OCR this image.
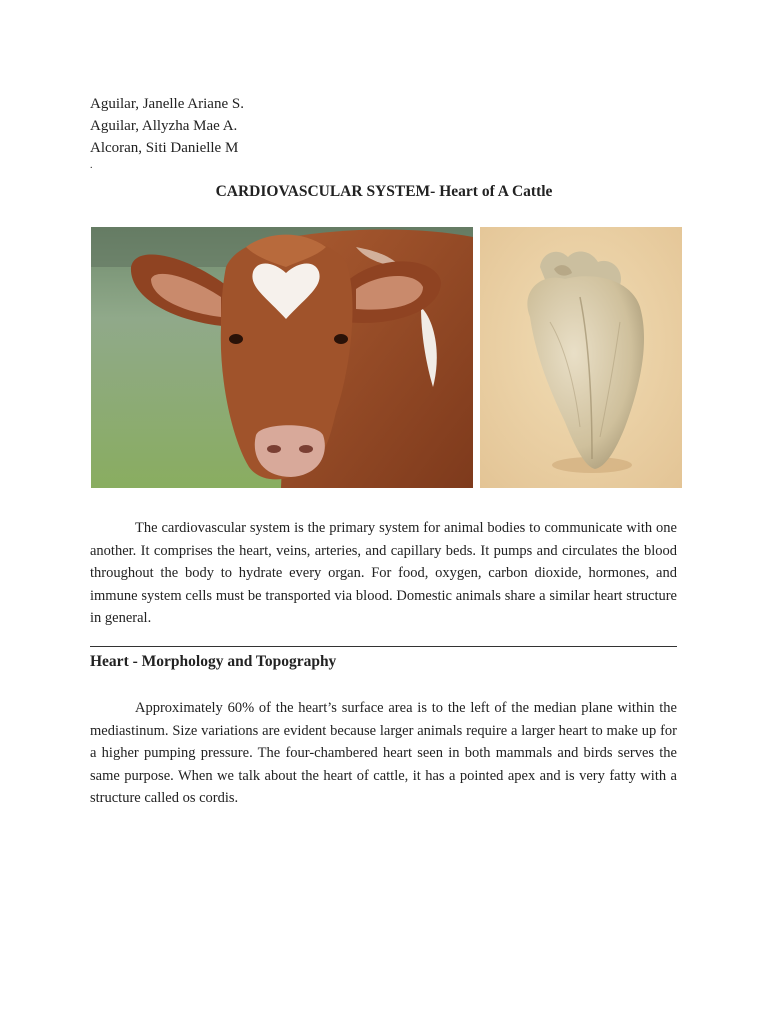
Aguilar, Janelle Ariane S.
Aguilar, Allyzha Mae A.
Alcoran, Siti Danielle M
.
CARDIOVASCULAR SYSTEM- Heart of A Cattle

The cardiovascular system is the primary system for animal bodies to communicate with one another. It comprises the heart, veins, arteries, and capillary beds. It pumps and circulates the blood throughout the body to hydrate every organ. For food, oxygen, carbon dioxide, hormones, and immune system cells must be transported via blood. Domestic animals share a similar heart structure in general.

Heart - Morphology and Topography

Approximately 60% of the heart’s surface area is to the left of the median plane within the mediastinum. Size variations are evident because larger animals require a larger heart to make up for a higher pumping pressure. The four-chambered heart seen in both mammals and birds serves the same purpose. When we talk about the heart of cattle, it has a pointed apex and is very fatty with a structure called os cordis.
